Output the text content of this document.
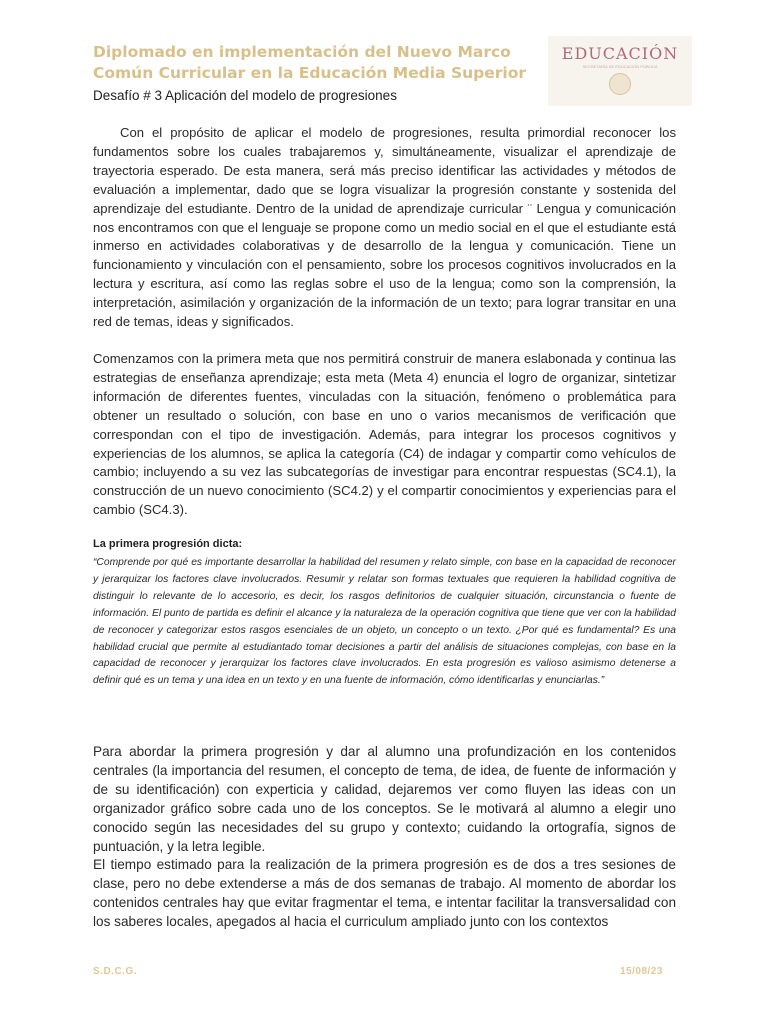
Diplomado en implementación del Nuevo Marco Común Curricular en la Educación Media Superior
Desafío # 3 Aplicación del modelo de progresiones
EDUCACIÓN
SECRETARÍA DE EDUCACIÓN PÚBLICA
Con el propósito de aplicar el modelo de progresiones, resulta primordial reconocer los fundamentos sobre los cuales trabajaremos y, simultáneamente, visualizar el aprendizaje de trayectoria esperado. De esta manera, será más preciso identificar las actividades y métodos de evaluación a implementar, dado que se logra visualizar la progresión constante y sostenida del aprendizaje del estudiante. Dentro de la unidad de aprendizaje curricular ¨ Lengua y comunicación nos encontramos con que el lenguaje se propone como un medio social en el que el estudiante está inmerso en actividades colaborativas y de desarrollo de la lengua y comunicación. Tiene un funcionamiento y vinculación con el pensamiento, sobre los procesos cognitivos involucrados en la lectura y escritura, así como las reglas sobre el uso de la lengua; como son la comprensión, la interpretación, asimilación y organización de la información de un texto; para lograr transitar en una red de temas, ideas y significados.
Comenzamos con la primera meta que nos permitirá construir de manera eslabonada y continua las estrategias de enseñanza aprendizaje; esta meta (Meta 4) enuncia el logro de organizar, sintetizar información de diferentes fuentes, vinculadas con la situación, fenómeno o problemática para obtener un resultado o solución, con base en uno o varios mecanismos de verificación que correspondan con el tipo de investigación. Además, para integrar los procesos cognitivos y experiencias de los alumnos, se aplica la categoría (C4) de indagar y compartir como vehículos de cambio; incluyendo a su vez las subcategorías de investigar para encontrar respuestas (SC4.1), la construcción de un nuevo conocimiento (SC4.2) y el compartir conocimientos y experiencias para el cambio (SC4.3).
La primera progresión dicta:
“Comprende por qué es importante desarrollar la habilidad del resumen y relato simple, con base en la capacidad de reconocer y jerarquizar los factores clave involucrados. Resumir y relatar son formas textuales que requieren la habilidad cognitiva de distinguir lo relevante de lo accesorio, es decir, los rasgos definitorios de cualquier situación, circunstancia o fuente de información. El punto de partida es definir el alcance y la naturaleza de la operación cognitiva que tiene que ver con la habilidad de reconocer y categorizar estos rasgos esenciales de un objeto, un concepto o un texto. ¿Por qué es fundamental? Es una habilidad crucial que permite al estudiantado tomar decisiones a partir del análisis de situaciones complejas, con base en la capacidad de reconocer y jerarquizar los factores clave involucrados. En esta progresión es valioso asimismo detenerse a definir qué es un tema y una idea en un texto y en una fuente de información, cómo identificarlas y enunciarlas.”
Para abordar la primera progresión y dar al alumno una profundización en los contenidos centrales (la importancia del resumen, el concepto de tema, de idea, de fuente de información y de su identificación) con experticia y calidad, dejaremos ver como fluyen las ideas con un organizador gráfico sobre cada uno de los conceptos. Se le motivará al alumno a elegir uno conocido según las necesidades del su grupo y contexto; cuidando la ortografía, signos de puntuación, y la letra legible.
El tiempo estimado para la realización de la primera progresión es de dos a tres sesiones de clase, pero no debe extenderse a más de dos semanas de trabajo. Al momento de abordar los contenidos centrales hay que evitar fragmentar el tema, e intentar facilitar la transversalidad con los saberes locales, apegados al hacia el curriculum ampliado junto con los contextos
S.D.C.G.	15/08/23
